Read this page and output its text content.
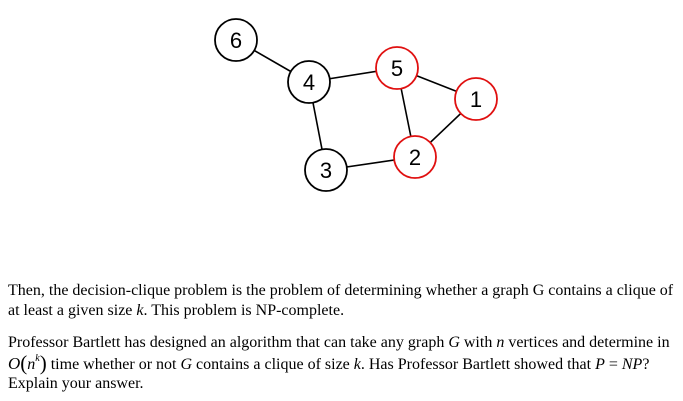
6
4
5
1
3
2
Then, the decision-clique problem is the problem of determining whether a graph G contains a clique of at least a given size k. This problem is NP-complete.
Professor Bartlett has designed an algorithm that can take any graph G with n vertices and determine in $O(n^k)$ time whether or not G contains a clique of size k. Has Professor Bartlett showed that P = NP? Explain your answer.
